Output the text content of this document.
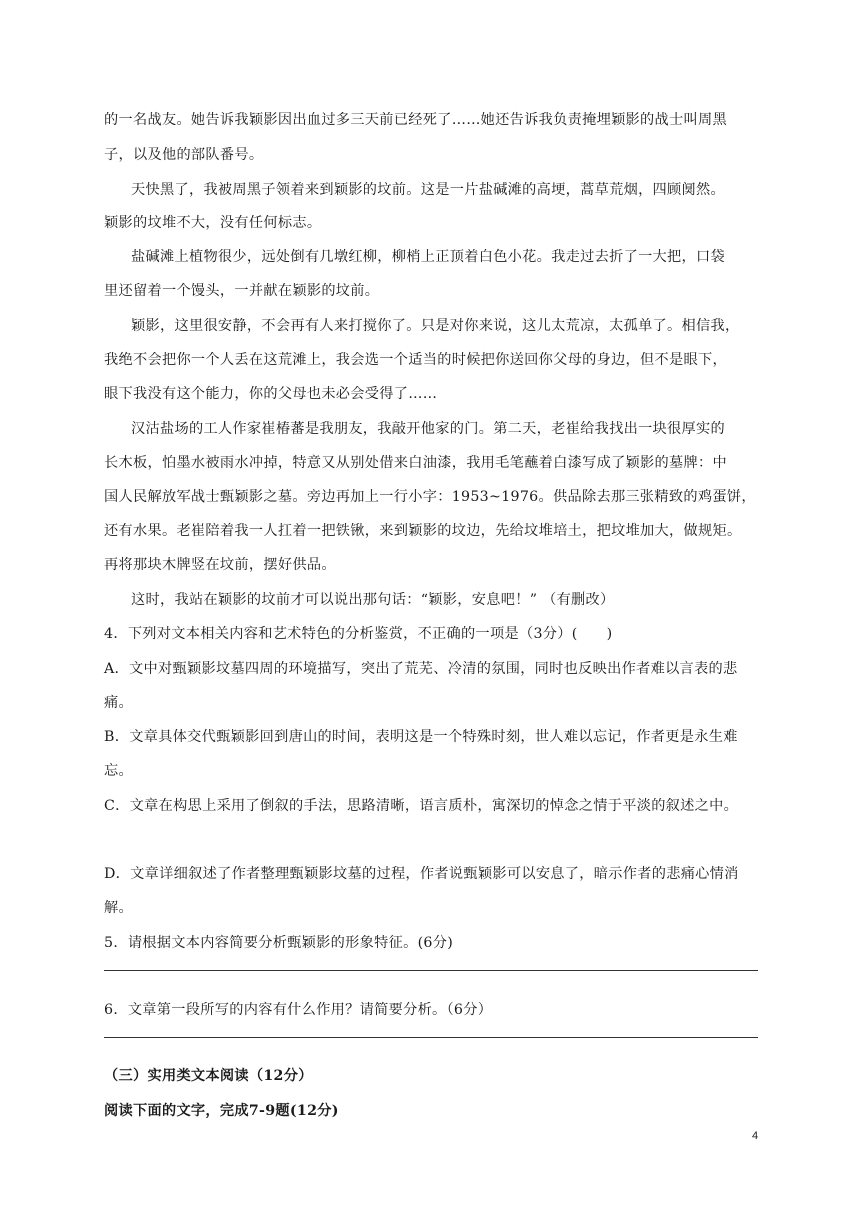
的一名战友。她告诉我颖影因出血过多三天前已经死了……她还告诉我负责掩埋颖影的战士叫周黑
子，以及他的部队番号。
天快黑了，我被周黑子领着来到颖影的坟前。这是一片盐碱滩的高埂，蒿草荒烟，四顾阒然。
颖影的坟堆不大，没有任何标志。
盐碱滩上植物很少，远处倒有几墩红柳，柳梢上正顶着白色小花。我走过去折了一大把，口袋
里还留着一个馒头，一并献在颖影的坟前。
颖影，这里很安静，不会再有人来打搅你了。只是对你来说，这儿太荒凉，太孤单了。相信我，
我绝不会把你一个人丢在这荒滩上，我会选一个适当的时候把你送回你父母的身边，但不是眼下，
眼下我没有这个能力，你的父母也未必会受得了……
汉沽盐场的工人作家崔椿蕃是我朋友，我敲开他家的门。第二天，老崔给我找出一块很厚实的
长木板，怕墨水被雨水冲掉，特意又从别处借来白油漆，我用毛笔蘸着白漆写成了颖影的墓牌：中
国人民解放军战士甄颖影之墓。旁边再加上一行小字：1953~1976。供品除去那三张精致的鸡蛋饼，
还有水果。老崔陪着我一人扛着一把铁锹，来到颖影的坟边，先给坟堆培土，把坟堆加大，做规矩。
再将那块木牌竖在坟前，摆好供品。
这时，我站在颖影的坟前才可以说出那句话：“颖影，安息吧！” （有删改）
4．下列对文本相关内容和艺术特色的分析鉴赏，不正确的一项是（3分）(　　)
A．文中对甄颖影坟墓四周的环境描写，突出了荒芜、冷清的氛围，同时也反映出作者难以言表的悲
痛。
B．文章具体交代甄颖影回到唐山的时间，表明这是一个特殊时刻，世人难以忘记，作者更是永生难
忘。
C．文章在构思上采用了倒叙的手法，思路清晰，语言质朴，寓深切的悼念之情于平淡的叙述之中。
D．文章详细叙述了作者整理甄颖影坟墓的过程，作者说甄颖影可以安息了，暗示作者的悲痛心情消
解。
5．请根据文本内容简要分析甄颖影的形象特征。(6分)
6．文章第一段所写的内容有什么作用？请简要分析。（6分）
（三）实用类文本阅读（12分）
阅读下面的文字，完成7-9题(12分)
4
